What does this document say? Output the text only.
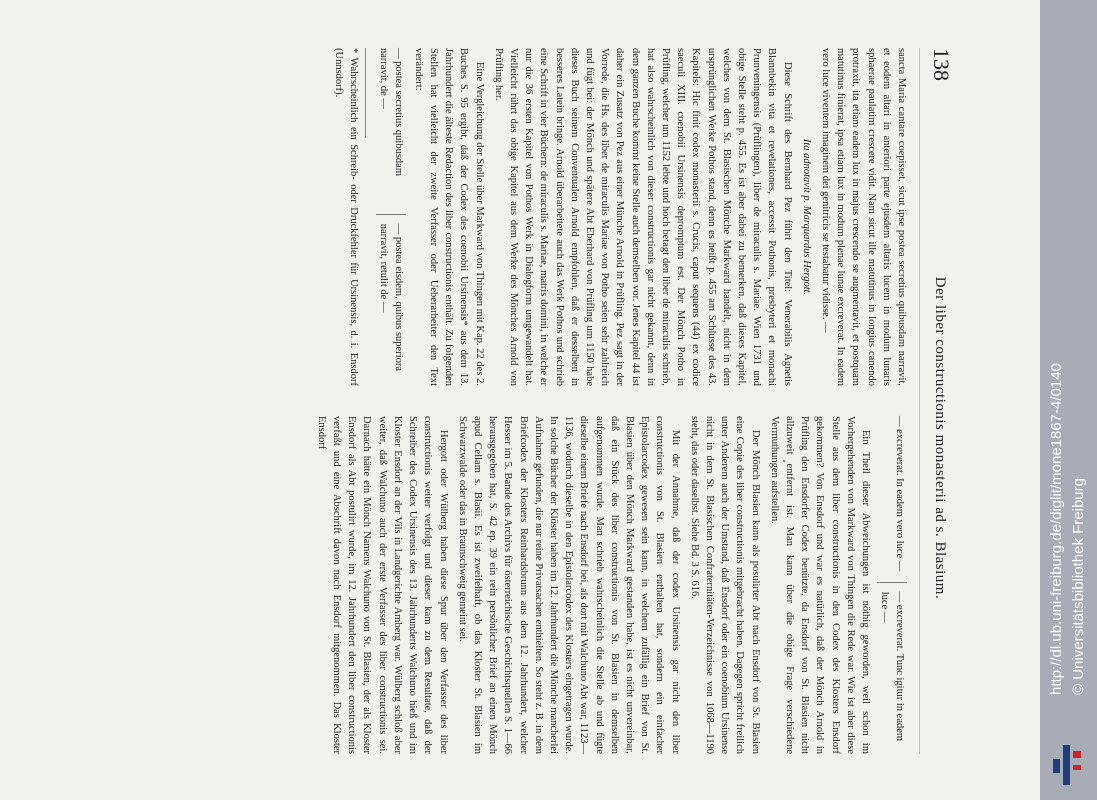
138
Der liber constructionis monasterii ad s. Blasium.

sancta Maria cantare coepisset, sicut ipse postea secretius quibusdam narravit, et eodem altari in anteriori parte ejusdem altaris lucem in modum lunaris sphaerae paulatim crescere vidit. Nam sicut ille matutinus in longius canendo protraxit, ita etiam eadem lux in majus crescendo se augmentavit, et postquam matutinus finierat, ipsa etiam lux in modum plenae lunae excreverat. In eadem vero luce viventem imaginem dei genitricis se testabatur vidisse. —

Ita adnotavit p. Marquardus Hergott.

Diese Schrift des Bernhard Pez führt den Titel: Venerabilis Agnetis Blannbekin vita et revelationes, accessit Pothonis, presbyteri et monachi Prunveningensis (Prüflingen), liber de miraculis s. Mariae. Wien 1731 und obige Stelle steht p. 455. Es ist aber dabei zu bemerken, daß dieses Kapitel, welches von dem St. Blasischen Mönche Markward handelt, nicht in dem ursprünglichen Werke Pothos stand, denn es heißt p. 455 am Schlusse des 43. Kapitels: Hic finit codex monasterii s. Crucis, caput sequens (44) ex codice saeculi XIII. coenobii Ursinensis depromptum est. Der Mönch Potho in Prüfling, welcher um 1152 lebte und hoch betagt den liber de miraculis schrieb, hat also wahrscheinlich von dieser constructionis gar nicht gekannt, denn in dem ganzen Buche kommt keine Stelle auch demselben vor. Jenes Kapitel 44 ist daher ein Zusatz von Pez aus einer Münche Arnold in Prüfling. Pez sagt in der Vorrede, die Hs. des liber de miraculis Mariae von Potho seien sehr zahlreich und fügt bei: der Mönch und spätere Abt Eberhard von Prüfling um 1150 habe dieses Buch seinem Conventualen Arnold empfohlen, daß er desselben in besseres Latein bringe. Arnold überarbeitete auch das Werk Pothos und schrieb eine Schrift in vier Büchern: de miraculis s. Mariae, matris domini, in welche er nur die 36 ersten Kapitel von Pothos Werk in Dialogform umgewandelt hat. Vielleicht rührt das obige Kapitel aus dem Werke des Mönches Arnold von Prüfling her.

Eine Vergleichung der Stelle über Markward von Thingen mit Kap. 22 des 2. Buches S. 95 ergibt, daß der Codex des coenobii Ursinensis* aus dem 13. Jahrhundert die älteste Redaction des liber constructionis enthält. Zu folgenden Stellen hat vielleicht der zweite Verfasser oder Ueberarbeiter den Text verändert:

— postea secretius quibusdam narravit, de —
— postea eisdem, quibus superiora narravit, retulit de —

* Wahrscheinlich ein Schreib- oder Druckfehler für Ursinensis, d. i. Ensdorf (Unnsdorf).

— excreverat. In eadem vero luce —
— excreverat. Tunc igitur in eadem luce —

Ein Theil dieser Abweichungen ist nöthig geworden, weil schon im Vorhergehenden von Markward von Thingen die Rede war. Wie ist aber diese Stelle aus dem liber constructionis in den Codex des Klosters Ensdorf gekommen? Von Ensdorf und war es natürlich, daß der Mönch Arnold in Prüfling den Ensdorfer Codex benützte, da Ensdorf von St. Blasien nicht allzuweit entfernt ist. Man kann über die obige Frage verschiedene Vermuthungen aufstellen.

Der Mönch Blasien kann als posulirter Abt nach Ensdorf von St. Blasien eine Copie des liber constructionis mitgebracht haben. Dagegen spricht freilich unter Anderem auch der Umstand, daß Ensdorf oder ein coenobium Ursinense nicht in dem St. Blasischen Confraternitäten-Verzeichnisse von 1068—1190 steht, das oder daselbst. Siehe Bd. 3 S. 616.

Mit der Annahme, daß der codex Ursinensis gar nicht den liber constructionis von St. Blasien enthalten hat, sondern ein einfacher Epistolarcodex gewesen sein kann, in welchem zufällig ein Brief von St. Blasien über den Mönch Markward gestanden habe, ist es nicht unvereinbar, daß ein Stück des liber constructionis von St. Blasien in demselben aufgenommen wurde. Man schrieb wahrscheinlich die Stelle ab und fügte dieselbe einem Briefe nach Ensdorf bei, als dort mit Walchuno Abt war, 1123—1136, wodurch dieselbe in den Epistolarcodex des Klosters eingetragen wurde. In solche Bücher der Klöster haben im 12. Jahrhundert die Mönche mancherlei Aufnahme gefunden, die nur reine Privatsachen enthielten. So steht z. B. in dem Briefcodex der Klosters Reinhardsbrunn aus dem 12. Jahrhundert, welcher Hesser im 5. Bande des Archivs für österreichische Geschichtsquellen S. 1—66 herausgegeben hat, S. 42 ep. 39 ein rein persönlicher Brief an einen Mönch apud Cellam s. Blasii. Es ist zweifelhaft, ob das Kloster St. Blasien im Schwarzwalde oder das in Braunschweig gemeint sei.

Hergott oder Wülberg haben diese Spur über den Verfasser des liber constructionis weiter verfolgt und dieser kam zu dem Resultate, daß der Schreiber des Codex Ursinensis des 13. Jahrhunderts Walchuno hieß und im Kloster Ensdorf an der Vils in Landgerichte Amberg war. Wülberg schloß aber weiter, daß Walchuno auch der erste Verfasser des liber constructionis sei. Darnach hätte ein Mönch Namens Walchuno von St. Blasien, der als Kloster Ensdorf als Abt postulirt wurde, im 12. Jahrhundert den liber constructionis verfaßt und eine Abschrift davon nach Ensdorf mitgenommen. Das Kloster Ensdorf	http://dl.ub.uni-freiburg.de/diglit/mone1867-4/0140 © Universitätsbibliothek Freiburg
